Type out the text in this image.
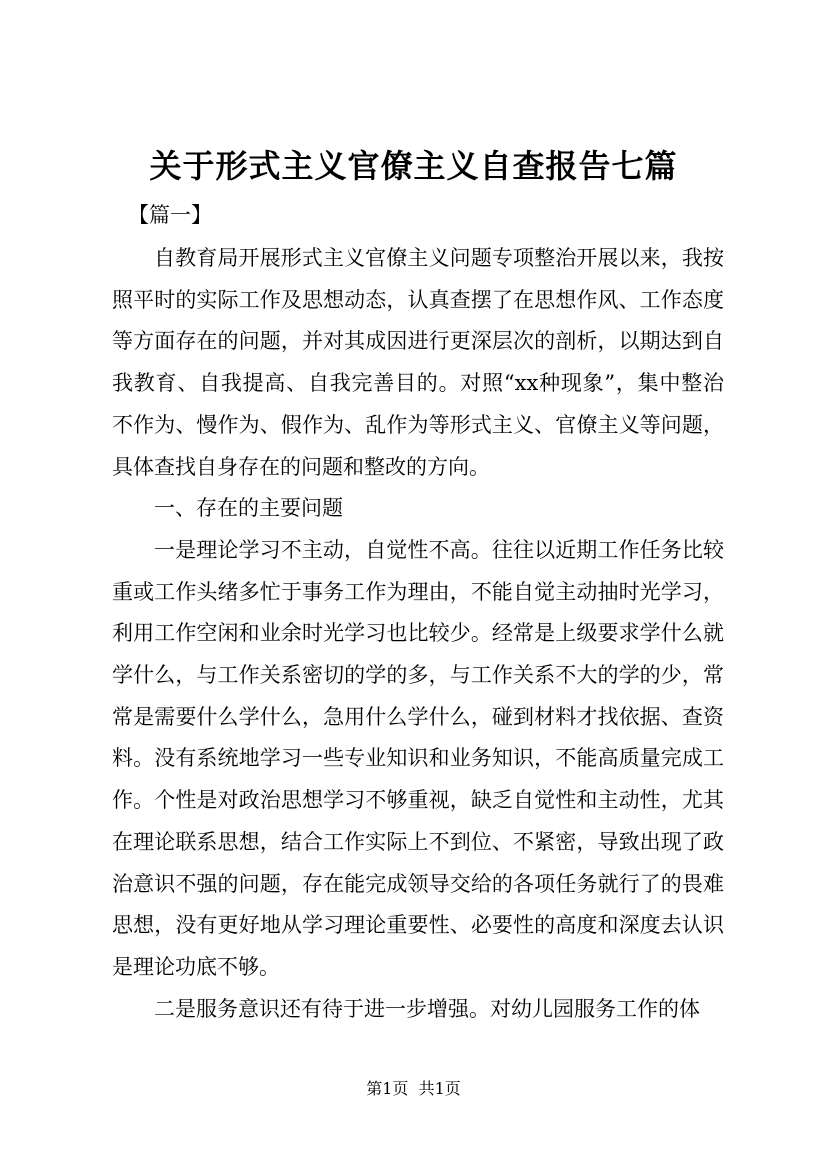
关于形式主义官僚主义自查报告七篇
【篇一】

自教育局开展形式主义官僚主义问题专项整治开展以来，我按照平时的实际工作及思想动态，认真查摆了在思想作风、工作态度等方面存在的问题，并对其成因进行更深层次的剖析，以期达到自我教育、自我提高、自我完善目的。对照“xx种现象”，集中整治不作为、慢作为、假作为、乱作为等形式主义、官僚主义等问题，具体查找自身存在的问题和整改的方向。

一、存在的主要问题

一是理论学习不主动，自觉性不高。往往以近期工作任务比较重或工作头绪多忙于事务工作为理由，不能自觉主动抽时光学习，利用工作空闲和业余时光学习也比较少。经常是上级要求学什么就学什么，与工作关系密切的学的多，与工作关系不大的学的少，常常是需要什么学什么，急用什么学什么，碰到材料才找依据、查资料。没有系统地学习一些专业知识和业务知识，不能高质量完成工作。个性是对政治思想学习不够重视，缺乏自觉性和主动性，尤其在理论联系思想，结合工作实际上不到位、不紧密，导致出现了政治意识不强的问题，存在能完成领导交给的各项任务就行了的畏难思想，没有更好地从学习理论重要性、必要性的高度和深度去认识是理论功底不够。

二是服务意识还有待于进一步增强。对幼儿园服务工作的体

第1页 共1页
